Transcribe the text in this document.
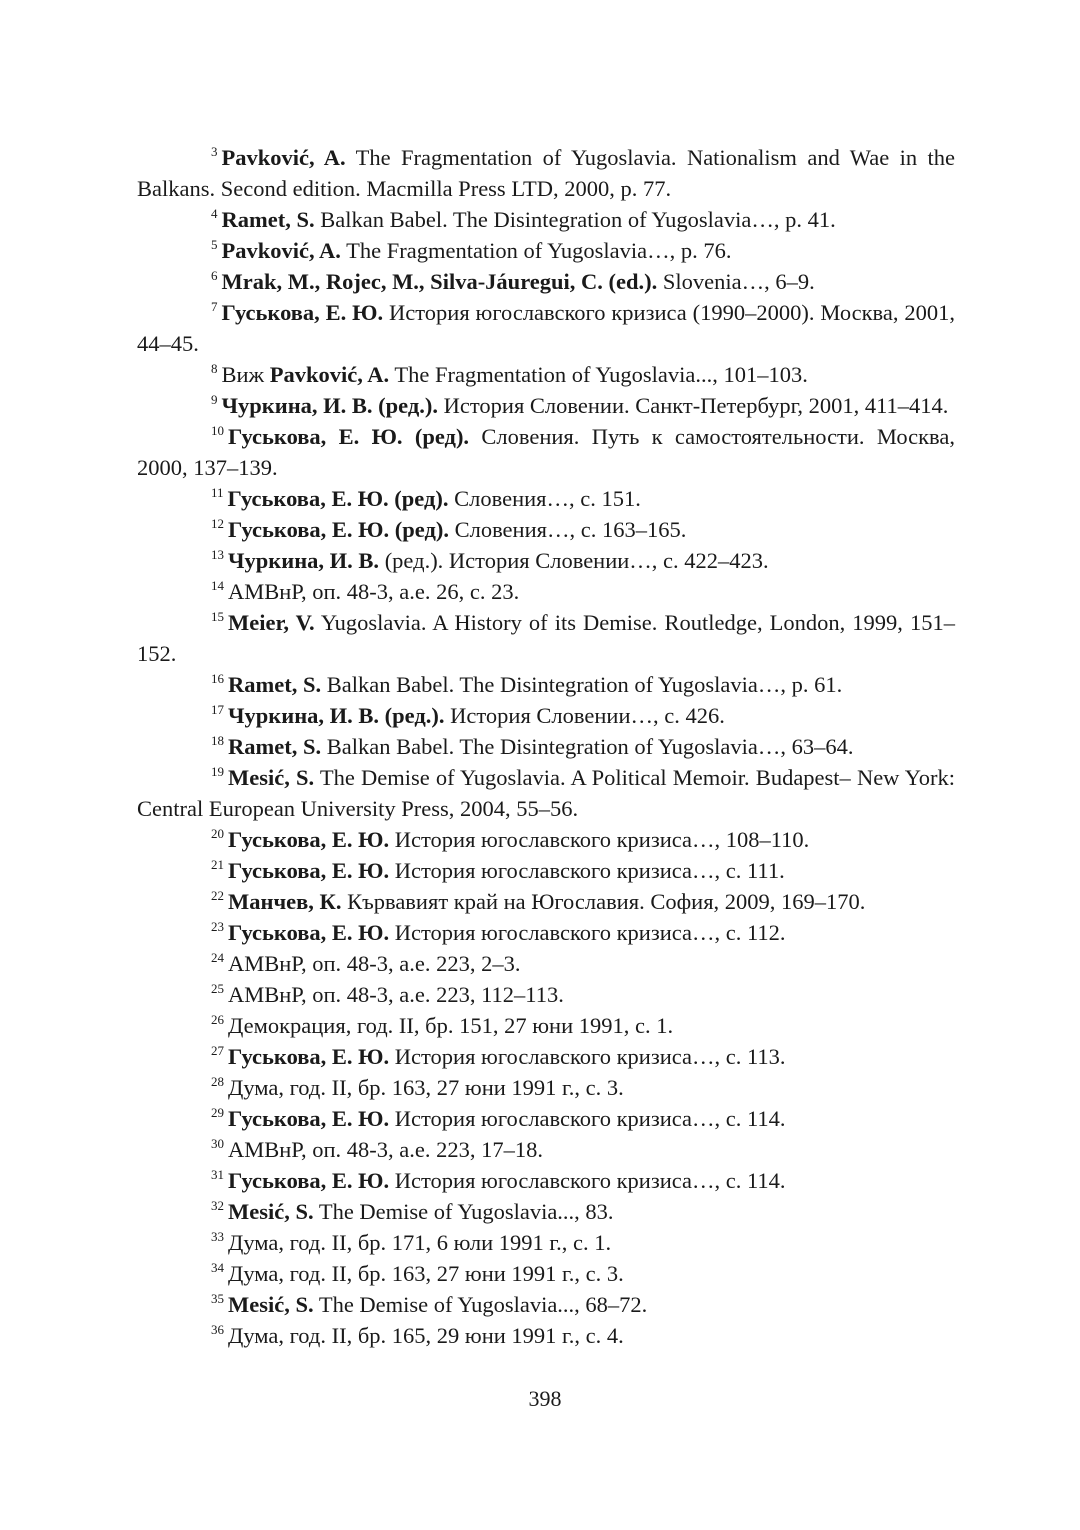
$^3$ Pavković, A. The Fragmentation of Yugoslavia. Nationalism and Wae in the Balkans. Second edition. Macmilla Press LTD, 2000, p. 77.

$^4$ Ramet, S. Balkan Babel. The Disintegration of Yugoslavia…, p. 41.

$^5$ Pavković, A. The Fragmentation of Yugoslavia…, p. 76.

$^6$ Mrak, M., Rojec, M., Silva-Jáuregui, C. (ed.). Slovenia…, 6–9.

$^7$ Гуськова, Е. Ю. История югославского кризиса (1990–2000). Москва, 2001, 44–45.

$^8$ Виж Pavković, A. The Fragmentation of Yugoslavia..., 101–103.

$^9$ Чуркина, И. В. (ред.). История Словении. Санкт-Петербург, 2001, 411–414.

$^{10}$ Гуськова, Е. Ю. (ред). Словения. Путь к самостоятельности. Москва, 2000, 137–139.

$^{11}$ Гуськова, Е. Ю. (ред). Словения…, с. 151.

$^{12}$ Гуськова, Е. Ю. (ред). Словения…, с. 163–165.

$^{13}$ Чуркина, И. В. (ред.). История Словении…, с. 422–423.

$^{14}$ АМВнР, оп. 48-3, а.е. 26, с. 23.

$^{15}$ Meier, V. Yugoslavia. A History of its Demise. Routledge, London, 1999, 151–152.

$^{16}$ Ramet, S. Balkan Babel. The Disintegration of Yugoslavia…, p. 61.

$^{17}$ Чуркина, И. В. (ред.). История Словении…, с. 426.

$^{18}$ Ramet, S. Balkan Babel. The Disintegration of Yugoslavia…, 63–64.

$^{19}$ Mesić, S. The Demise of Yugoslavia. A Political Memoir. Budapest– New York: Central European University Press, 2004, 55–56.

$^{20}$ Гуськова, Е. Ю. История югославского кризиса…, 108–110.

$^{21}$ Гуськова, Е. Ю. История югославского кризиса…, с. 111.

$^{22}$ Манчев, К. Кървавият край на Югославия. София, 2009, 169–170.

$^{23}$ Гуськова, Е. Ю. История югославского кризиса…, с. 112.

$^{24}$ АМВнР, оп. 48-3, а.е. 223, 2–3.

$^{25}$ АМВнР, оп. 48-3, а.е. 223, 112–113.

$^{26}$ Демокрация, год. II, бр. 151, 27 юни 1991, с. 1.

$^{27}$ Гуськова, Е. Ю. История югославского кризиса…, с. 113.

$^{28}$ Дума, год. II, бр. 163, 27 юни 1991 г., с. 3.

$^{29}$ Гуськова, Е. Ю. История югославского кризиса…, с. 114.

$^{30}$ АМВнР, оп. 48-3, а.е. 223, 17–18.

$^{31}$ Гуськова, Е. Ю. История югославского кризиса…, с. 114.

$^{32}$ Mesić, S. The Demise of Yugoslavia..., 83.

$^{33}$ Дума, год. II, бр. 171, 6 юли 1991 г., с. 1.

$^{34}$ Дума, год. II, бр. 163, 27 юни 1991 г., с. 3.

$^{35}$ Mesić, S. The Demise of Yugoslavia..., 68–72.

$^{36}$ Дума, год. II, бр. 165, 29 юни 1991 г., с. 4.

398
